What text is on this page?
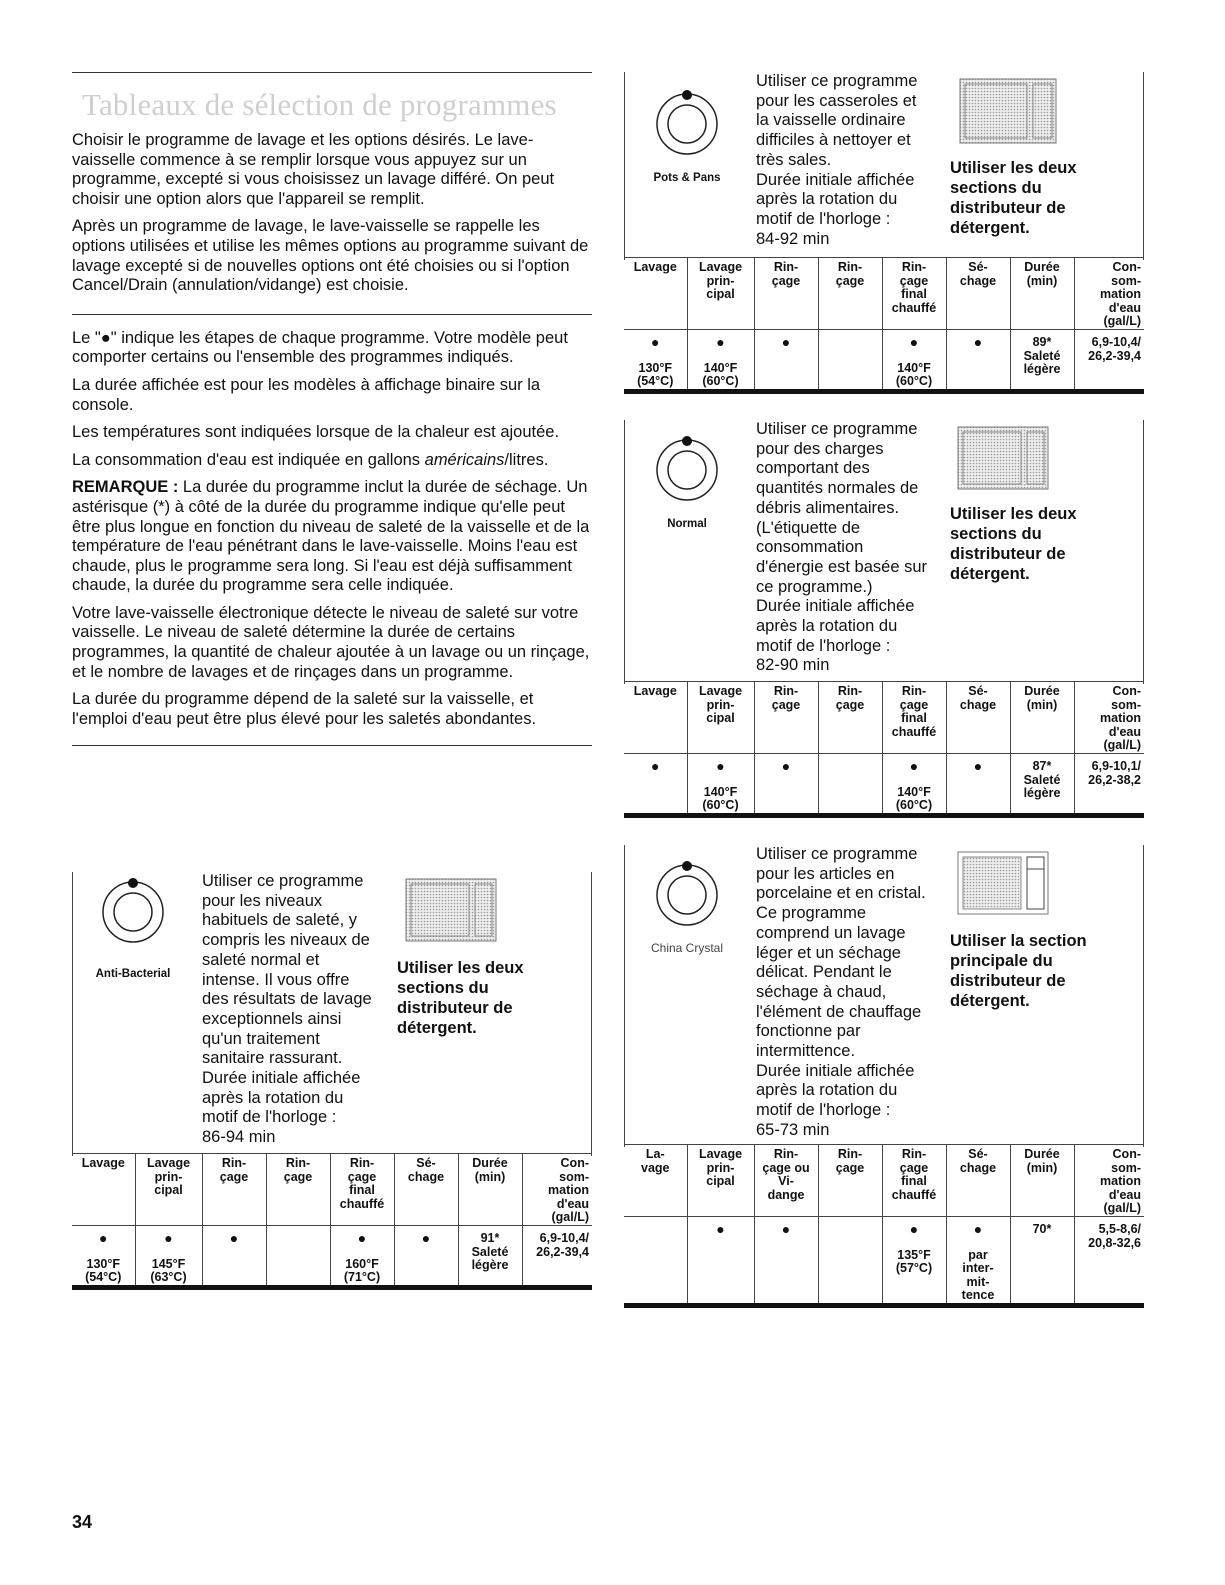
Tableaux de sélection de programmes

Choisir le programme de lavage et les options désirés. Le lave-vaisselle commence à se remplir lorsque vous appuyez sur un programme, excepté si vous choisissez un lavage différé. On peut choisir une option alors que l'appareil se remplit.

Après un programme de lavage, le lave-vaisselle se rappelle les options utilisées et utilise les mêmes options au programme suivant de lavage excepté si de nouvelles options ont été choisies ou si l'option Cancel/Drain (annulation/vidange) est choisie.

Le "●" indique les étapes de chaque programme. Votre modèle peut comporter certains ou l'ensemble des programmes indiqués.

La durée affichée est pour les modèles à affichage binaire sur la console.

Les températures sont indiquées lorsque de la chaleur est ajoutée.

La consommation d'eau est indiquée en gallons américains/litres.

REMARQUE : La durée du programme inclut la durée de séchage. Un astérisque (*) à côté de la durée du programme indique qu'elle peut être plus longue en fonction du niveau de saleté de la vaisselle et de la température de l'eau pénétrant dans le lave-vaisselle. Moins l'eau est chaude, plus le programme sera long. Si l'eau est déjà suffisamment chaude, la durée du programme sera celle indiquée.

Votre lave-vaisselle électronique détecte le niveau de saleté sur votre vaisselle. Le niveau de saleté détermine la durée de certains programmes, la quantité de chaleur ajoutée à un lavage ou un rinçage, et le nombre de lavages et de rinçages dans un programme.

La durée du programme dépend de la saleté sur la vaisselle, et l'emploi d'eau peut être plus élevé pour les saletés abondantes.

Pots & Pans
Utiliser ce programme
pour les casseroles et
la vaisselle ordinaire
difficiles à nettoyer et
très sales.
Durée initiale affichée
après la rotation du
motif de l'horloge :
84-92 min
Utiliser les deux
sections du
distributeur de
détergent.
Lavage	Lavage
prin-
cipal	Rin-
çage	Rin-
çage	Rin-
çage
final
chauffé	Sé-
chage	Durée
(min)	Con-
som-
mation
d'eau
(gal/L)

●

130°F
(54°C)	●

140°F
(60°C)	●		●

140°F
(60°C)	●	89*
Saleté
légère	6,9-10,4/
26,2-39,4
Normal
Utiliser ce programme
pour des charges
comportant des
quantités normales de
débris alimentaires.
(L'étiquette de
consommation
d'énergie est basée sur
ce programme.)
Durée initiale affichée
après la rotation du
motif de l'horloge :
82-90 min
Utiliser les deux
sections du
distributeur de
détergent.
Lavage	Lavage
prin-
cipal	Rin-
çage	Rin-
çage	Rin-
çage
final
chauffé	Sé-
chage	Durée
(min)	Con-
som-
mation
d'eau
(gal/L)

●	●

140°F
(60°C)	●		●

140°F
(60°C)	●	87*
Saleté
légère	6,9-10,1/
26,2-38,2
Anti-Bacterial
Utiliser ce programme
pour les niveaux
habituels de saleté, y
compris les niveaux de
saleté normal et
intense. Il vous offre
des résultats de lavage
exceptionnels ainsi
qu'un traitement
sanitaire rassurant.
Durée initiale affichée
après la rotation du
motif de l'horloge :
86-94 min
Utiliser les deux
sections du
distributeur de
détergent.
Lavage	Lavage
prin-
cipal	Rin-
çage	Rin-
çage	Rin-
çage
final
chauffé	Sé-
chage	Durée
(min)	Con-
som-
mation
d'eau
(gal/L)

●

130°F
(54°C)	●

145°F
(63°C)	●		●

160°F
(71°C)	●	91*
Saleté
légère	6,9-10,4/
26,2-39,4
China Crystal
Utiliser ce programme
pour les articles en
porcelaine et en cristal.
Ce programme
comprend un lavage
léger et un séchage
délicat. Pendant le
séchage à chaud,
l'élément de chauffage
fonctionne par
intermittence.
Durée initiale affichée
après la rotation du
motif de l'horloge :
65-73 min
Utiliser la section
principale du
distributeur de
détergent.
La-
vage	Lavage
prin-
cipal	Rin-
çage ou
Vi-
dange	Rin-
çage	Rin-
çage
final
chauffé	Sé-
chage	Durée
(min)	Con-
som-
mation
d'eau
(gal/L)

	●	●		●

135°F
(57°C)	●

par
inter-
mit-
tence	70*	5,5-8,6/
20,8-32,6
34
